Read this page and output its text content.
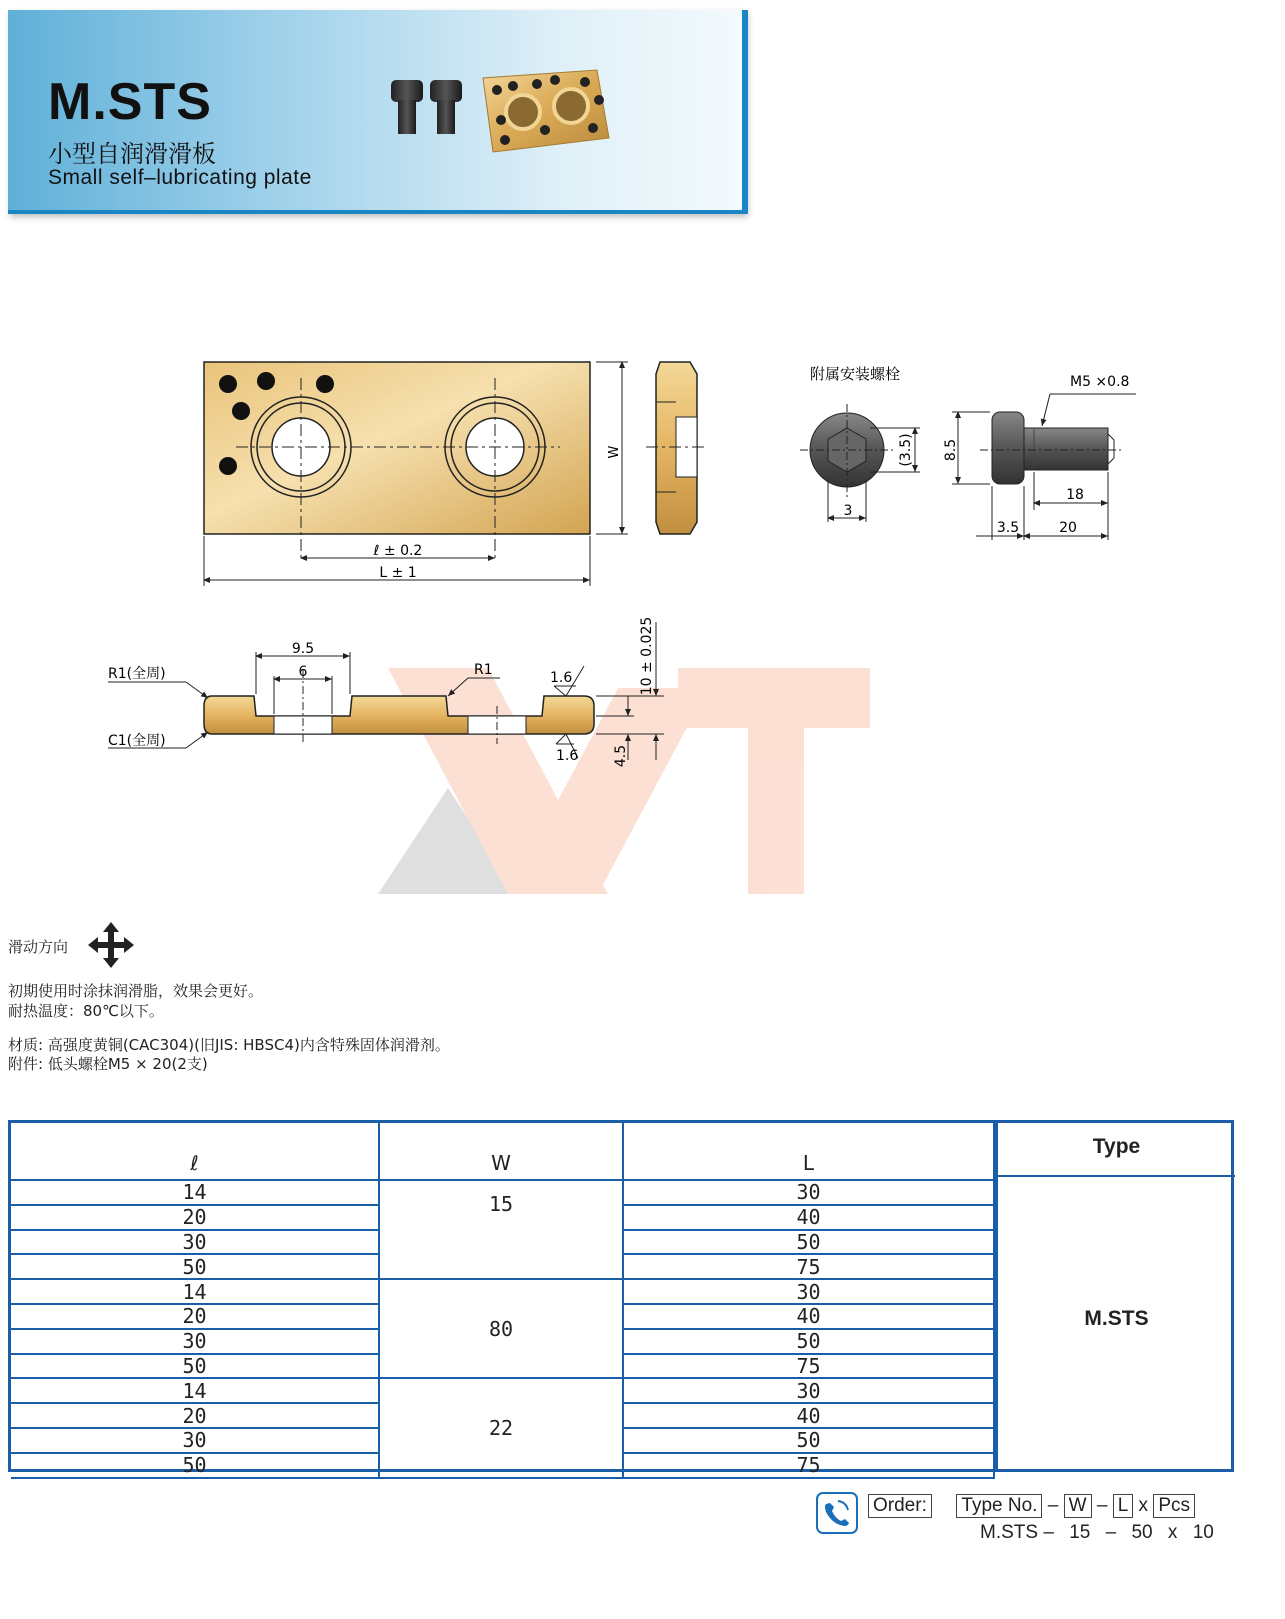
M.STS
小型自润滑滑板
Small self–lubricating plate
W
ℓ ± 0.2
L ± 1
附属安装螺栓
(3.5)
3
M5 ×0.8
8.5
18
3.5	20
9.5
6
R1(全周)
C1(全周)
R1	1.6
1.6
10 ± 0.025
4.5
滑动方向
初期使用时涂抹润滑脂，效果会更好。
耐热温度：80℃以下。
材质: 高强度黄铜(CAC304)(旧JIS: HBSC4)内含特殊固体润滑剂。
附件: 低头螺栓M5 × 20(2支)
ℓ	W	L
14	15	30
20		40
30		50
50		75
14	80	30
20		40
30		50
50		75
14	22	30
20		40
30		50
50		75
Type
M.STS
Order: Type No. – W – L x Pcs
M.STS – 15 – 50 x 10
